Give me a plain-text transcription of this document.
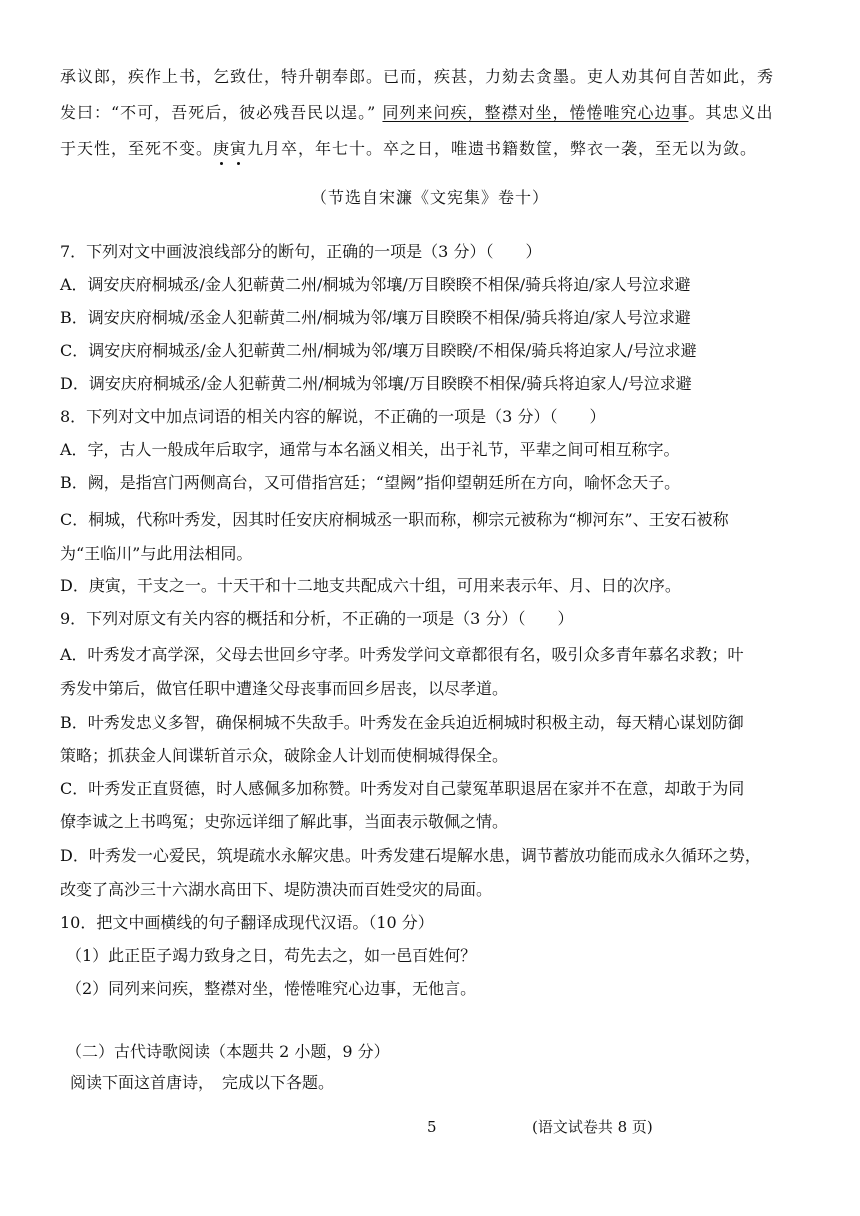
承议郎，疾作上书，乞致仕，特升朝奉郎。已而，疾甚，力劾去贪墨。吏人劝其何自苦如此，秀
发曰：“不可，吾死后，彼必残吾民以逞。” 同列来问疾，整襟对坐，惓惓唯究心边事。其忠义出
于天性，至死不变。庚寅九月卒，年七十。卒之日，唯遗书籍数筐，弊衣一袭，至无以为敛。
（节选自宋濂《文宪集》卷十）
7．下列对文中画波浪线部分的断句，正确的一项是（3 分）（　　）
A．调安庆府桐城丞/金人犯蕲黄二州/桐城为邻壤/万目睽睽不相保/骑兵将迫/家人号泣求避
B．调安庆府桐城/丞金人犯蕲黄二州/桐城为邻/壤万目睽睽不相保/骑兵将迫/家人号泣求避
C．调安庆府桐城丞/金人犯蕲黄二州/桐城为邻/壤万目睽睽/不相保/骑兵将迫家人/号泣求避
D．调安庆府桐城丞/金人犯蕲黄二州/桐城为邻壤/万目睽睽不相保/骑兵将迫家人/号泣求避
8．下列对文中加点词语的相关内容的解说，不正确的一项是（3 分）（　　）
A．字，古人一般成年后取字，通常与本名涵义相关，出于礼节，平辈之间可相互称字。
B．阙，是指宫门两侧高台，又可借指宫廷；“望阙”指仰望朝廷所在方向，喻怀念天子。
C．桐城，代称叶秀发，因其时任安庆府桐城丞一职而称，柳宗元被称为“柳河东”、王安石被称
为“王临川”与此用法相同。
D．庚寅，干支之一。十天干和十二地支共配成六十组，可用来表示年、月、日的次序。
9．下列对原文有关内容的概括和分析，不正确的一项是（3 分）（　　）
A．叶秀发才高学深，父母去世回乡守孝。叶秀发学问文章都很有名，吸引众多青年慕名求教；叶
秀发中第后，做官任职中遭逢父母丧事而回乡居丧，以尽孝道。
B．叶秀发忠义多智，确保桐城不失敌手。叶秀发在金兵迫近桐城时积极主动，每天精心谋划防御
策略；抓获金人间谍斩首示众，破除金人计划而使桐城得保全。
C．叶秀发正直贤德，时人感佩多加称赞。叶秀发对自己蒙冤革职退居在家并不在意，却敢于为同
僚李诚之上书鸣冤；史弥远详细了解此事，当面表示敬佩之情。
D．叶秀发一心爱民，筑堤疏水永解灾患。叶秀发建石堤解水患，调节蓄放功能而成永久循环之势，
改变了高沙三十六湖水高田下、堤防溃决而百姓受灾的局面。
10．把文中画横线的句子翻译成现代汉语。（10 分）
（1）此正臣子竭力致身之日，苟先去之，如一邑百姓何？
（2）同列来问疾，整襟对坐，惓惓唯究心边事，无他言。
（二）古代诗歌阅读（本题共 2 小题，9 分）
阅读下面这首唐诗，　完成以下各题。
5	(语文试卷共 8 页)
